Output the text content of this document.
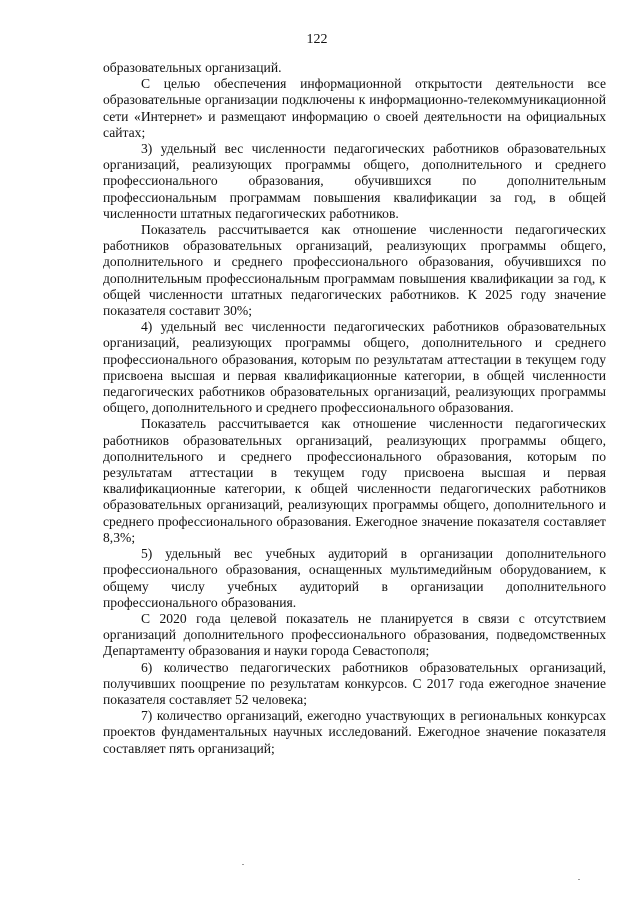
122

образовательных организаций.

С целью обеспечения информационной открытости деятельности все образовательные организации подключены к информационно-телекоммуникационной сети «Интернет» и размещают информацию о своей деятельности на официальных сайтах;

3) удельный вес численности педагогических работников образовательных организаций, реализующих программы общего, дополнительного и среднего профессионального образования, обучившихся по дополнительным профессиональным программам повышения квалификации за год, в общей численности штатных педагогических работников.

Показатель рассчитывается как отношение численности педагогических работников образовательных организаций, реализующих программы общего, дополнительного и среднего профессионального образования, обучившихся по дополнительным профессиональным программам повышения квалификации за год, к общей численности штатных педагогических работников. К 2025 году значение показателя составит 30%;

4) удельный вес численности педагогических работников образовательных организаций, реализующих программы общего, дополнительного и среднего профессионального образования, которым по результатам аттестации в текущем году присвоена высшая и первая квалификационные категории, в общей численности педагогических работников образовательных организаций, реализующих программы общего, дополнительного и среднего профессионального образования.

Показатель рассчитывается как отношение численности педагогических работников образовательных организаций, реализующих программы общего, дополнительного и среднего профессионального образования, которым по результатам аттестации в текущем году присвоена высшая и первая квалификационные категории, к общей численности педагогических работников образовательных организаций, реализующих программы общего, дополнительного и среднего профессионального образования. Ежегодное значение показателя составляет 8,3%;

5) удельный вес учебных аудиторий в организации дополнительного профессионального образования, оснащенных мультимедийным оборудованием, к общему числу учебных аудиторий в организации дополнительного профессионального образования.

С 2020 года целевой показатель не планируется в связи с отсутствием организаций дополнительного профессионального образования, подведомственных Департаменту образования и науки города Севастополя;

6) количество педагогических работников образовательных организаций, получивших поощрение по результатам конкурсов. С 2017 года ежегодное значение показателя составляет 52 человека;

7) количество организаций, ежегодно участвующих в региональных конкурсах проектов фундаментальных научных исследований. Ежегодное значение показателя составляет пять организаций;
